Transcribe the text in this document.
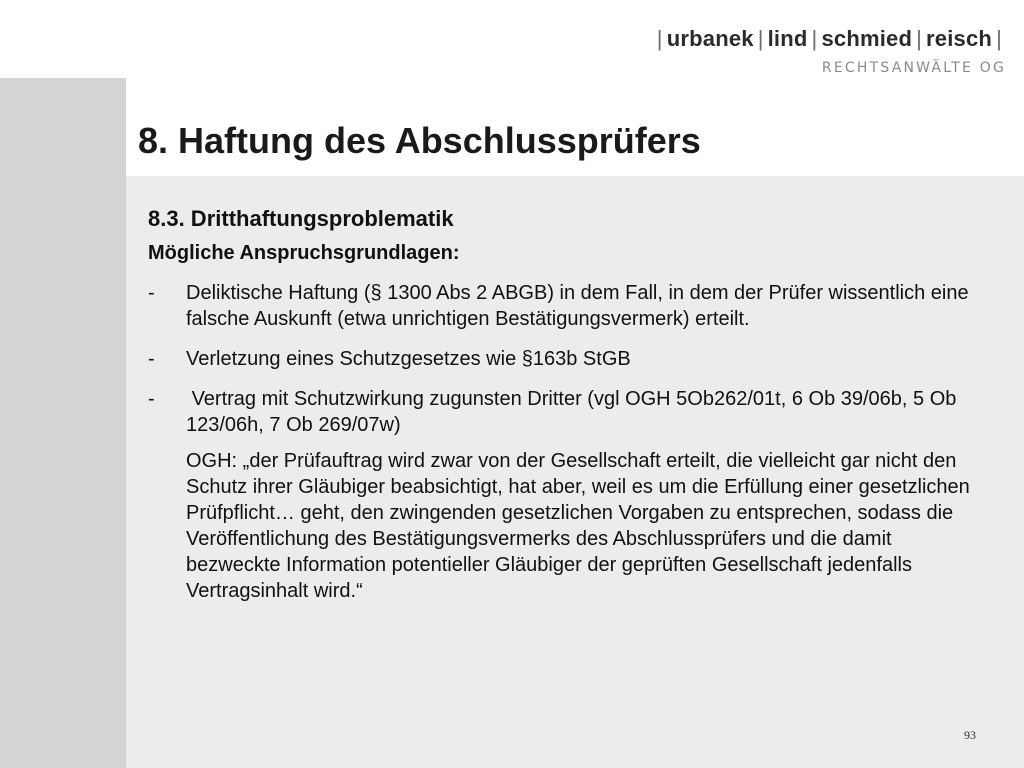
| urbanek | lind | schmied | reisch |
RECHTSANWÄLTE OG
8. Haftung des Abschlussprüfers
8.3. Dritthaftungsproblematik
Mögliche Anspruchsgrundlagen:
-	Deliktische Haftung (§ 1300 Abs 2 ABGB) in dem Fall, in dem der Prüfer wissentlich eine falsche Auskunft (etwa unrichtigen Bestätigungsvermerk) erteilt.
-	Verletzung eines Schutzgesetzes wie §163b StGB
-	Vertrag mit Schutzwirkung zugunsten Dritter (vgl OGH 5Ob262/01t, 6 Ob 39/06b, 5 Ob 123/06h, 7 Ob 269/07w)
OGH: „der Prüfauftrag wird zwar von der Gesellschaft erteilt, die vielleicht gar nicht den Schutz ihrer Gläubiger beabsichtigt, hat aber, weil es um die Erfüllung einer gesetzlichen Prüfpflicht… geht, den zwingenden gesetzlichen Vorgaben zu entsprechen, sodass die Veröffentlichung des Bestätigungsvermerks des Abschlussprüfers und die damit bezweckte Information potentieller Gläubiger der geprüften Gesellschaft jedenfalls Vertragsinhalt wird.“
93
